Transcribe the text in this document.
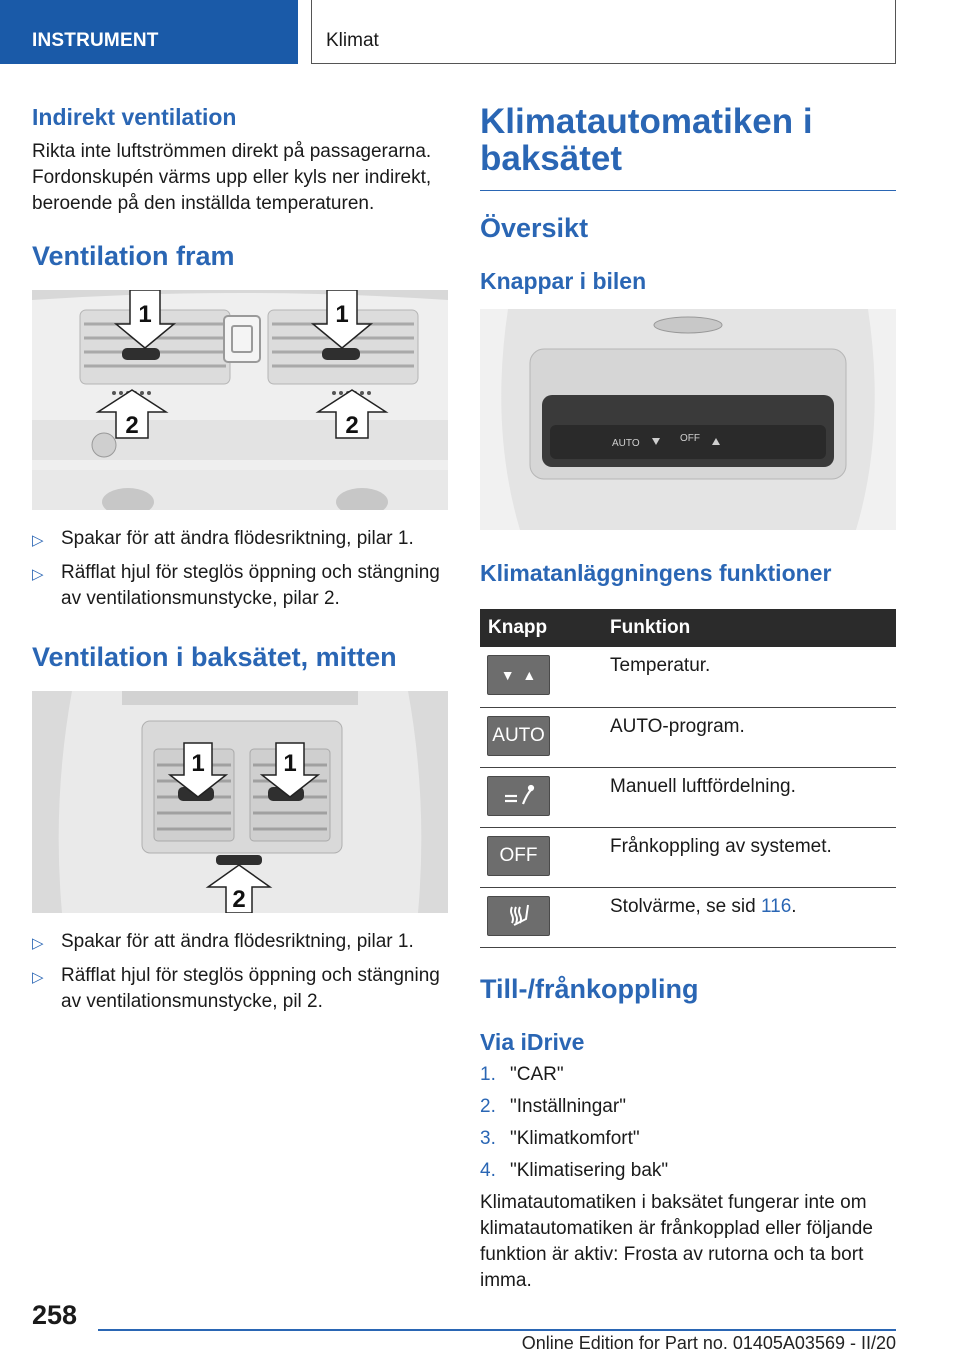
INSTRUMENT	Klimat
Indirekt ventilation

Rikta inte luftströmmen direkt på passagerarna. Fordonskupén värms upp eller kyls ner indirekt, beroende på den inställda temperaturen.

Ventilation fram
1	1
2	2
▷ Spakar för att ändra flödesriktning, pilar 1.
▷ Räfflat hjul för steglös öppning och stängning av ventilationsmunstycke, pilar 2.
Ventilation i baksätet, mitten
1	1
2
▷ Spakar för att ändra flödesriktning, pilar 1.
▷ Räfflat hjul för steglös öppning och stängning av ventilationsmunstycke, pil 2.
Klimatautomatiken i baksätet
Översikt
Knappar i bilen
AUTO	OFF
Klimatanläggningens funktioner
Knapp	Funktion

▼  ▲	Temperatur.

AUTO	AUTO-program.

	Manuell luftfördelning.

OFF	Frånkoppling av systemet.

	Stolvärme, se sid 116.
Till-/frånkoppling
Via iDrive
1. "CAR"
2. "Inställningar"
3. "Klimatkomfort"
4. "Klimatisering bak"

Klimatautomatiken i baksätet fungerar inte om klimatautomatiken är frånkopplad eller följande funktion är aktiv: Frosta av rutorna och ta bort imma.

258
Online Edition for Part no. 01405A03569 - II/20
